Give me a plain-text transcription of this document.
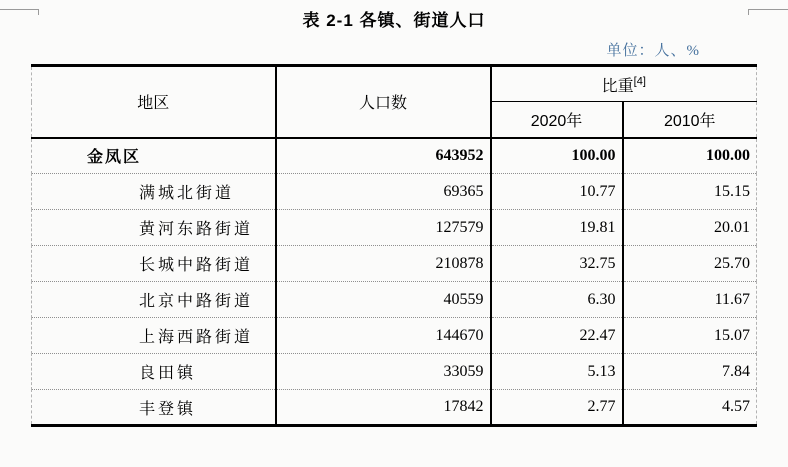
表 2-1 各镇、街道人口
单位：人、%
地区	人口数	比重[4]
		2020年	2010年
金凤区	643952	100.00	100.00
满城北街道	69365	10.77	15.15
黄河东路街道	127579	19.81	20.01
长城中路街道	210878	32.75	25.70
北京中路街道	40559	6.30	11.67
上海西路街道	144670	22.47	15.07
良田镇	33059	5.13	7.84
丰登镇	17842	2.77	4.57
